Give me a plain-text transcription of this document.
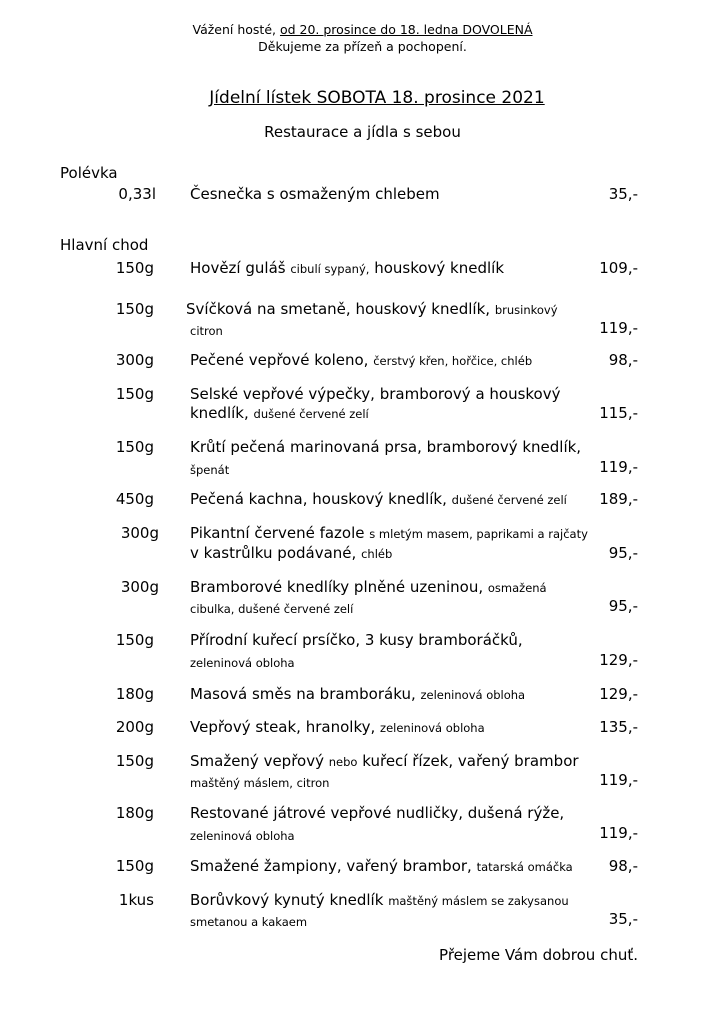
Vážení hosté, od 20. prosince do 18. ledna DOVOLENÁ
Děkujeme za přízeň a pochopení.
Jídelní lístek SOBOTA 18. prosince 2021
Restaurace a jídla s sebou
Polévka
0,33l Česnečka s osmaženým chlebem	35,-
Hlavní chod
150g Hovězí guláš cibulí sypaný, houskový knedlík	109,-
150g Svíčková na smetaně, houskový knedlík, brusinkový
citron	119,-
300g Pečené vepřové koleno, čerstvý křen, hořčice, chléb	98,-
150g Selské vepřové výpečky, bramborový a houskový
knedlík, dušené červené zelí	115,-
150g Krůtí pečená marinovaná prsa, bramborový knedlík,
špenát	119,-
450g Pečená kachna, houskový knedlík, dušené červené zelí 189,-
300g Pikantní červené fazole s mletým masem, paprikami a rajčaty
v kastrůlku podávané, chléb	95,-
300g Bramborové knedlíky plněné uzeninou, osmažená
cibulka, dušené červené zelí	95,-
150g Přírodní kuřecí prsíčko, 3 kusy bramboráčků,
zeleninová obloha	129,-
180g Masová směs na bramboráku, zeleninová obloha	129,-
200g Vepřový steak, hranolky, zeleninová obloha	135,-
150g Smažený vepřový nebo kuřecí řízek, vařený brambor
maštěný máslem, citron	119,-
180g Restované játrové vepřové nudličky, dušená rýže,
zeleninová obloha	119,-
150g Smažené žampiony, vařený brambor, tatarská omáčka 98,-
1kus Borůvkový kynutý knedlík maštěný máslem se zakysanou
smetanou a kakaem	35,-
Přejeme Vám dobrou chuť.
